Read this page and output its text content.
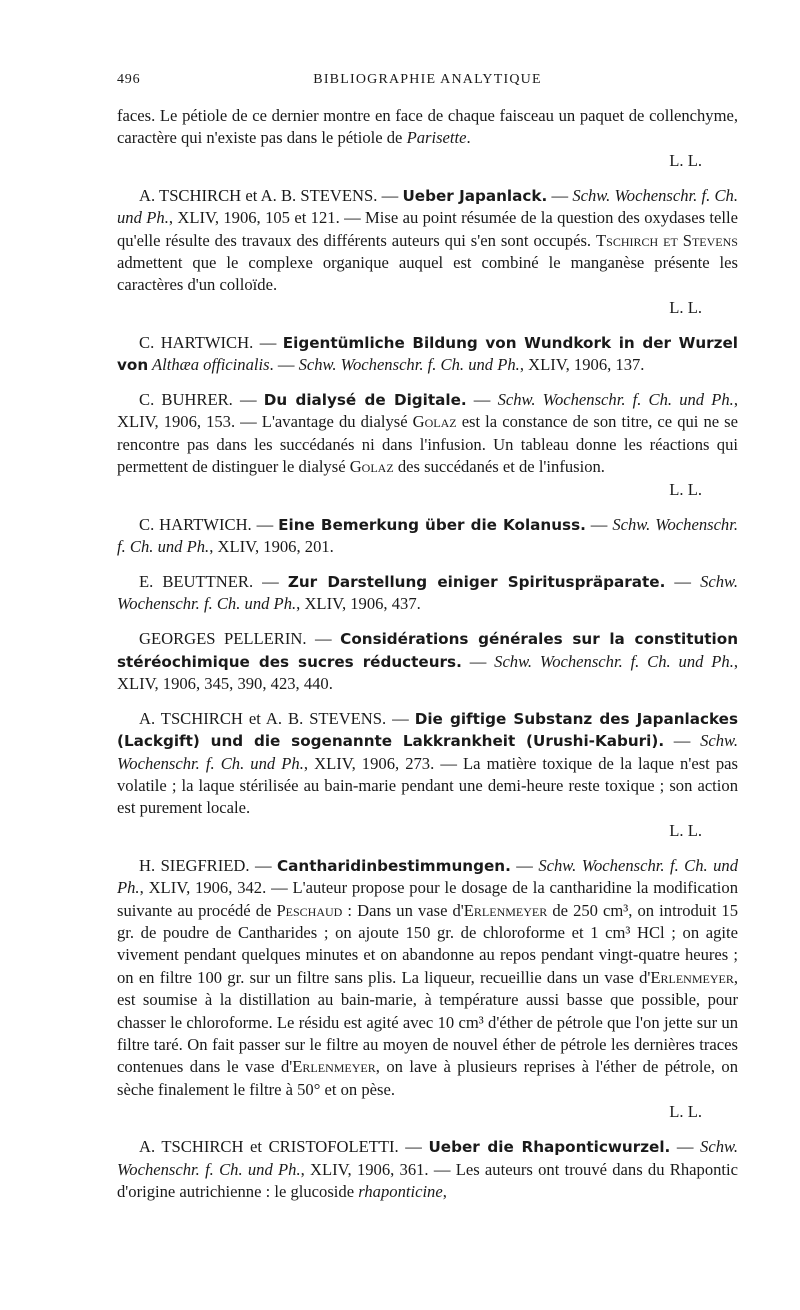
496	BIBLIOGRAPHIE ANALYTIQUE
faces. Le pétiole de ce dernier montre en face de chaque faisceau un paquet de collenchyme, caractère qui n'existe pas dans le pétiole de Parisette.
L. L.
A. TSCHIRCH et A. B. STEVENS. — Ueber Japanlack. — Schw. Wochenschr. f. Ch. und Ph., XLIV, 1906, 105 et 121. — Mise au point résumée de la question des oxydases telle qu'elle résulte des travaux des différents auteurs qui s'en sont occupés. Tschirch et Stevens admettent que le complexe organique auquel est combiné le manganèse présente les caractères d'un colloïde.
L. L.
C. HARTWICH. — Eigentümliche Bildung von Wundkork in der Wurzel von Althæa officinalis. — Schw. Wochenschr. f. Ch. und Ph., XLIV, 1906, 137.
C. BUHRER. — Du dialysé de Digitale. — Schw. Wochenschr. f. Ch. und Ph., XLIV, 1906, 153. — L'avantage du dialysé Golaz est la constance de son titre, ce qui ne se rencontre pas dans les succédanés ni dans l'infusion. Un tableau donne les réactions qui permettent de distinguer le dialysé Golaz des succédanés et de l'infusion.
L. L.
C. HARTWICH. — Eine Bemerkung über die Kolanuss. — Schw. Wochenschr. f. Ch. und Ph., XLIV, 1906, 201.
E. BEUTTNER. — Zur Darstellung einiger Spirituspräparate. — Schw. Wochenschr. f. Ch. und Ph., XLIV, 1906, 437.
GEORGES PELLERIN. — Considérations générales sur la constitution stéréochimique des sucres réducteurs. — Schw. Wochenschr. f. Ch. und Ph., XLIV, 1906, 345, 390, 423, 440.
A. TSCHIRCH et A. B. STEVENS. — Die giftige Substanz des Japanlackes (Lackgift) und die sogenannte Lakkrankheit (Urushi-Kaburi). — Schw. Wochenschr. f. Ch. und Ph., XLIV, 1906, 273. — La matière toxique de la laque n'est pas volatile ; la laque stérilisée au bain-marie pendant une demi-heure reste toxique ; son action est purement locale.
L. L.
H. SIEGFRIED. — Cantharidinbestimmungen. — Schw. Wochenschr. f. Ch. und Ph., XLIV, 1906, 342. — L'auteur propose pour le dosage de la cantharidine la modification suivante au procédé de Peschaud : Dans un vase d'Erlenmeyer de 250 cm³, on introduit 15 gr. de poudre de Cantharides ; on ajoute 150 gr. de chloroforme et 1 cm³ HCl ; on agite vivement pendant quelques minutes et on abandonne au repos pendant vingt-quatre heures ; on en filtre 100 gr. sur un filtre sans plis. La liqueur, recueillie dans un vase d'Erlenmeyer, est soumise à la distillation au bain-marie, à température aussi basse que possible, pour chasser le chloroforme. Le résidu est agité avec 10 cm³ d'éther de pétrole que l'on jette sur un filtre taré. On fait passer sur le filtre au moyen de nouvel éther de pétrole les dernières traces contenues dans le vase d'Erlenmeyer, on lave à plusieurs reprises à l'éther de pétrole, on sèche finalement le filtre à 50° et on pèse.
L. L.
A. TSCHIRCH et CRISTOFOLETTI. — Ueber die Rhaponticwurzel. — Schw. Wochenschr. f. Ch. und Ph., XLIV, 1906, 361. — Les auteurs ont trouvé dans du Rhapontic d'origine autrichienne : le glucoside rhaponticine,
